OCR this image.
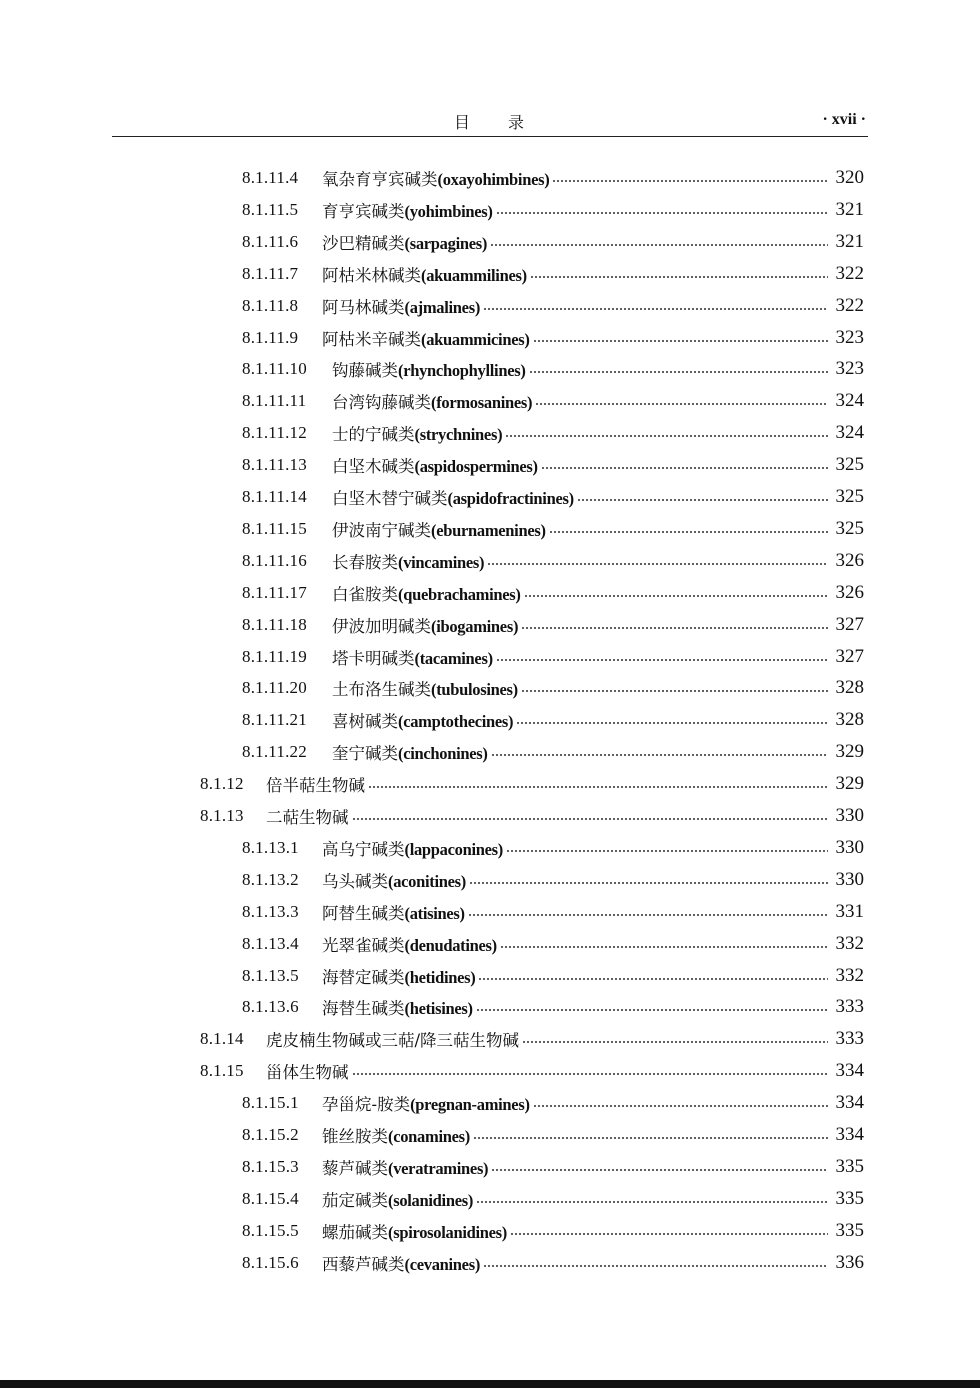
目　　录	· xvii ·
8.1.11.4	氧杂育亨宾碱类(oxayohimbines)	320
8.1.11.5	育亨宾碱类(yohimbines)	321
8.1.11.6	沙巴精碱类(sarpagines)	321
8.1.11.7	阿枯米林碱类(akuammilines)	322
8.1.11.8	阿马林碱类(ajmalines)	322
8.1.11.9	阿枯米辛碱类(akuammicines)	323
8.1.11.10	钩藤碱类(rhynchophyllines)	323
8.1.11.11	台湾钩藤碱类(formosanines)	324
8.1.11.12	士的宁碱类(strychnines)	324
8.1.11.13	白坚木碱类(aspidospermines)	325
8.1.11.14	白坚木替宁碱类(aspidofractinines)	325
8.1.11.15	伊波南宁碱类(eburnamenines)	325
8.1.11.16	长春胺类(vincamines)	326
8.1.11.17	白雀胺类(quebrachamines)	326
8.1.11.18	伊波加明碱类(ibogamines)	327
8.1.11.19	塔卡明碱类(tacamines)	327
8.1.11.20	土布洛生碱类(tubulosines)	328
8.1.11.21	喜树碱类(camptothecines)	328
8.1.11.22	奎宁碱类(cinchonines)	329
8.1.12	倍半萜生物碱	329
8.1.13	二萜生物碱	330
8.1.13.1	高乌宁碱类(lappaconines)	330
8.1.13.2	乌头碱类(aconitines)	330
8.1.13.3	阿替生碱类(atisines)	331
8.1.13.4	光翠雀碱类(denudatines)	332
8.1.13.5	海替定碱类(hetidines)	332
8.1.13.6	海替生碱类(hetisines)	333
8.1.14	虎皮楠生物碱或三萜/降三萜生物碱	333
8.1.15	甾体生物碱	334
8.1.15.1	孕甾烷-胺类(pregnan-amines)	334
8.1.15.2	锥丝胺类(conamines)	334
8.1.15.3	藜芦碱类(veratramines)	335
8.1.15.4	茄定碱类(solanidines)	335
8.1.15.5	螺茄碱类(spirosolanidines)	335
8.1.15.6	西藜芦碱类(cevanines)	336
